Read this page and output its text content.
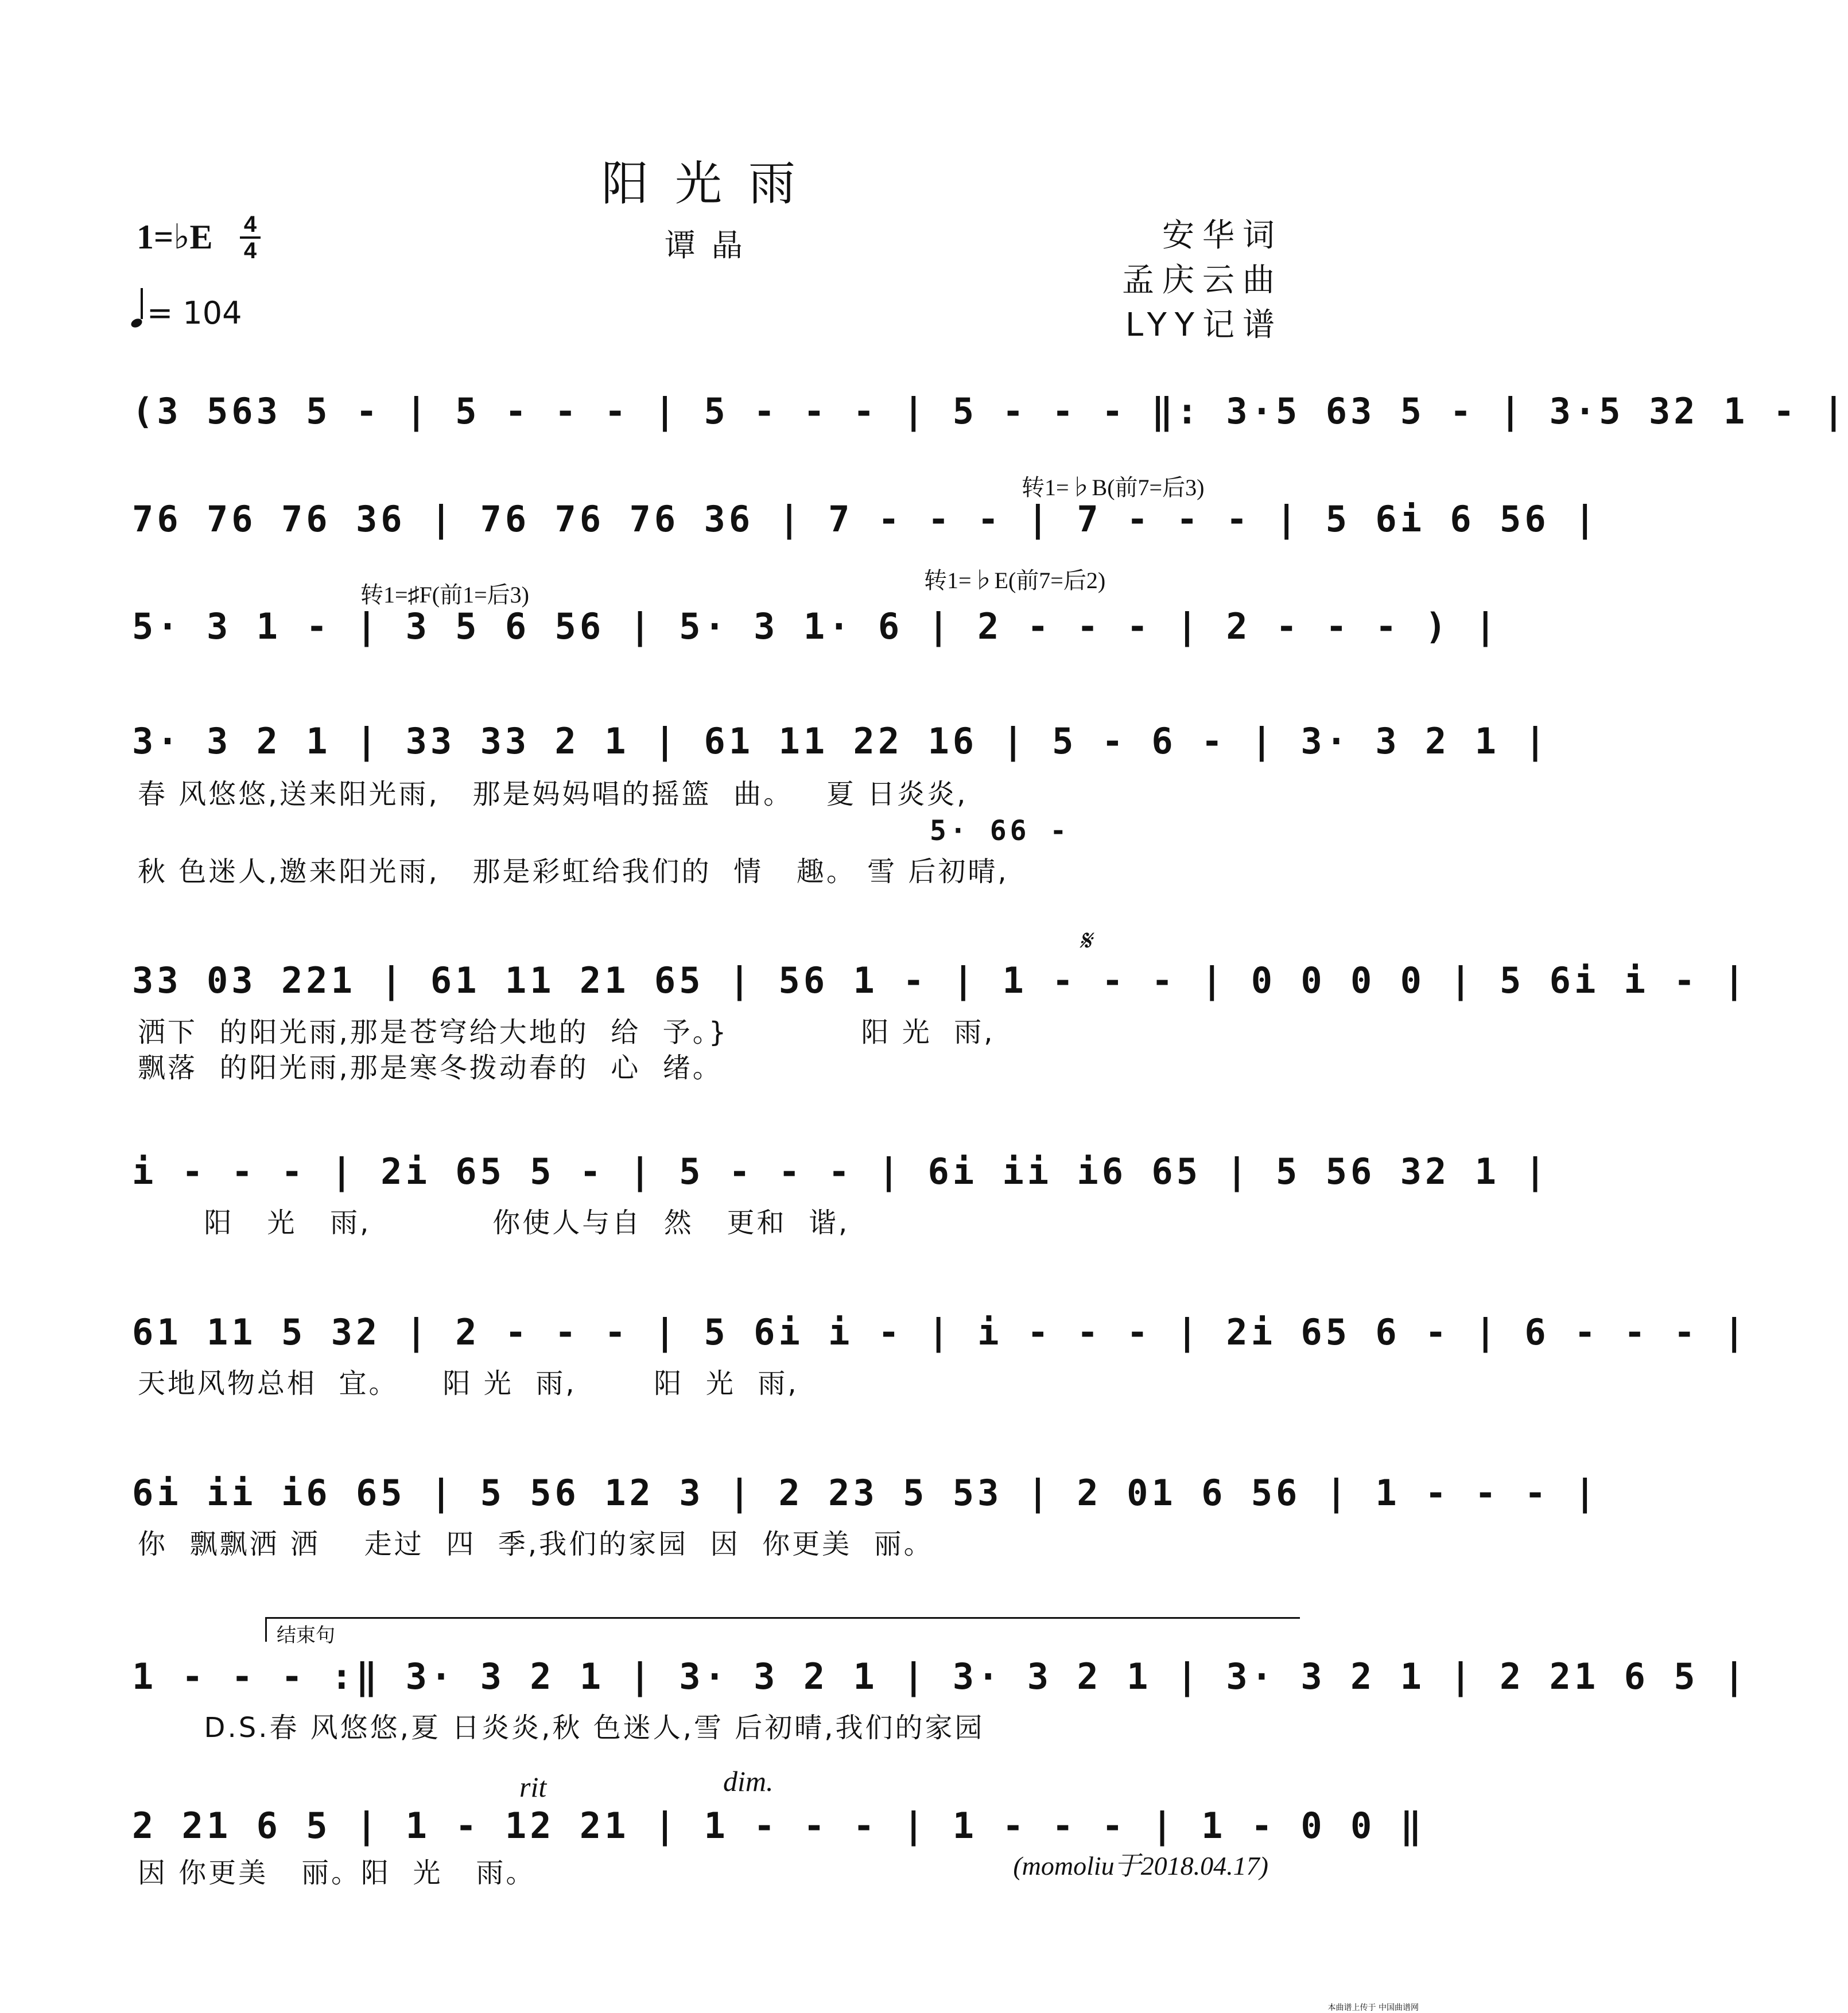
阳光雨
1=♭E 4
4	谭晶	安华词
孟庆云曲
LYY记谱
= 104
转1=♭B(前7=后3)
转1=♯F(前1=后3)
转1=♭E(前7=后2)
(3 563 5 - | 5 - - - | 5 - - - | 5 - - - ‖: 3·5 63 5 - | 3·5 32 1 - |
76 76 76 36 | 76 76 76 36 | 7 - - - | 7 - - - | 5 6i 6 56 |
5· 3 1 - | 3 5 6 56 | 5· 3 1· 6 | 2 - - - | 2 - - - ) |
3· 3 2 1 | 33 33 2 1 | 61 11 22 16 | 5 - 6 - | 3· 3 2 1 |
春 风悠悠,送来阳光雨,   那是妈妈唱的摇篮  曲。   夏 日炎炎,
5· 66 -
秋 色迷人,邀来阳光雨,   那是彩虹给我们的  情   趣。 雪 后初晴,
𝄋
33 03 221 | 61 11 21 65 | 56 1 - | 1 - - - | 0 0 0 0 | 5 6i i - |
洒下  的阳光雨,那是苍穹给大地的  给  予。}            阳 光  雨,
飘落  的阳光雨,那是寒冬拨动春的  心  绪。
i - - - | 2i 65 5 - | 5 - - - | 6i ii i6 65 | 5 56 32 1 |
阳   光   雨,           你使人与自  然   更和  谐,
61 11 5 32 | 2 - - - | 5 6i i - | i - - - | 2i 65 6 - | 6 - - - |
天地风物总相  宜。    阳 光  雨,       阳  光  雨,
6i ii i6 65 | 5 56 12 3 | 2 23 5 53 | 2 01 6 56 | 1 - - - |
你  飘飘洒 洒    走过  四  季,我们的家园  因  你更美  丽。
结束句
1 - - - :‖ 3· 3 2 1 | 3· 3 2 1 | 3· 3 2 1 | 3· 3 2 1 | 2 21 6 5 |
D.S.春 风悠悠,夏 日炎炎,秋 色迷人,雪 后初晴,我们的家园
rit	dim.
2 21 6 5 | 1 - 12 21 | 1 - - - | 1 - - - | 1 - 0 0 ‖
因 你更美   丽。阳  光   雨。	(momoliu于2018.04.17)
本曲谱上传于 中国曲谱网
